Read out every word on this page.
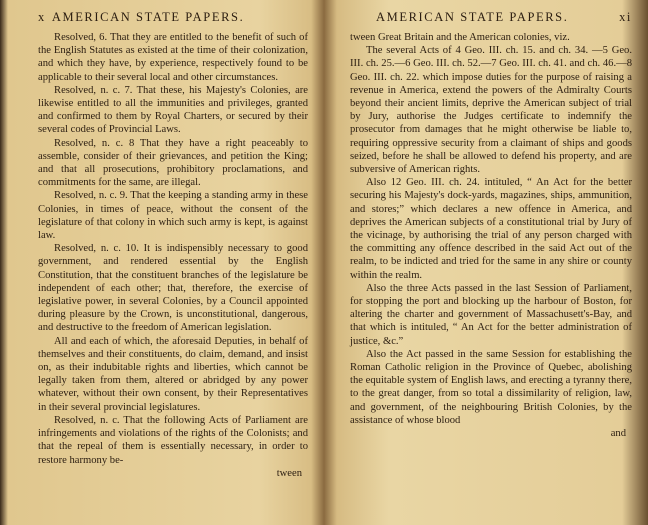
x AMERICAN STATE PAPERS.

Resolved, 6. That they are entitled to the benefit of such of the English Statutes as existed at the time of their colonization, and which they have, by experience, respectively found to be applicable to their several local and other circumstances.

Resolved, n. c. 7. That these, his Majesty's Colonies, are likewise entitled to all the immunities and privileges, granted and confirmed to them by Royal Charters, or secured by their several codes of Provincial Laws.

Resolved, n. c. 8 That they have a right peaceably to assemble, consider of their grievances, and petition the King; and that all prosecutions, prohibitory proclamations, and commitments for the same, are illegal.

Resolved, n. c. 9. That the keeping a standing army in these Colonies, in times of peace, without the consent of the legislature of that colony in which such army is kept, is against law.

Resolved, n. c. 10. It is indispensibly necessary to good government, and rendered essential by the English Constitution, that the constituent branches of the legislature be independent of each other; that, therefore, the exercise of legislative power, in several Colonies, by a Council appointed during pleasure by the Crown, is unconstitutional, dangerous, and destructive to the freedom of American legislation.

All and each of which, the aforesaid Deputies, in behalf of themselves and their constituents, do claim, demand, and insist on, as their indubitable rights and liberties, which cannot be legally taken from them, altered or abridged by any power whatever, without their own consent, by their Representatives in their several provincial legislatures.

Resolved, n. c. That the following Acts of Parliament are infringements and violations of the rights of the Colonists; and that the repeal of them is essentially necessary, in order to restore harmony be-

tween

AMERICAN STATE PAPERS.	xi

tween Great Britain and the American colonies, viz.

The several Acts of 4 Geo. III. ch. 15. and ch. 34. —5 Geo. III. ch. 25.—6 Geo. III. ch. 52.—7 Geo. III. ch. 41. and ch. 46.—8 Geo. III. ch. 22. which impose duties for the purpose of raising a revenue in America, extend the powers of the Admiralty Courts beyond their ancient limits, deprive the American subject of trial by Jury, authorise the Judges certificate to indemnify the prosecutor from damages that he might otherwise be liable to, requiring oppressive security from a claimant of ships and goods seized, before he shall be allowed to defend his property, and are subversive of American rights.

Also 12 Geo. III. ch. 24. intituled, “ An Act for the better securing his Majesty's dock-yards, magazines, ships, ammunition, and stores;” which declares a new offence in America, and deprives the American subjects of a constitutional trial by Jury of the vicinage, by authorising the trial of any person charged with the committing any offence described in the said Act out of the realm, to be indicted and tried for the same in any shire or county within the realm.

Also the three Acts passed in the last Session of Parliament, for stopping the port and blocking up the harbour of Boston, for altering the charter and government of Massachusett's-Bay, and that which is intituled, “ An Act for the better administration of justice, &c.”

Also the Act passed in the same Session for establishing the Roman Catholic religion in the Province of Quebec, abolishing the equitable system of English laws, and erecting a tyranny there, to the great danger, from so total a dissimilarity of religion, law, and government, of the neighbouring British Colonies, by the assistance of whose blood

and
